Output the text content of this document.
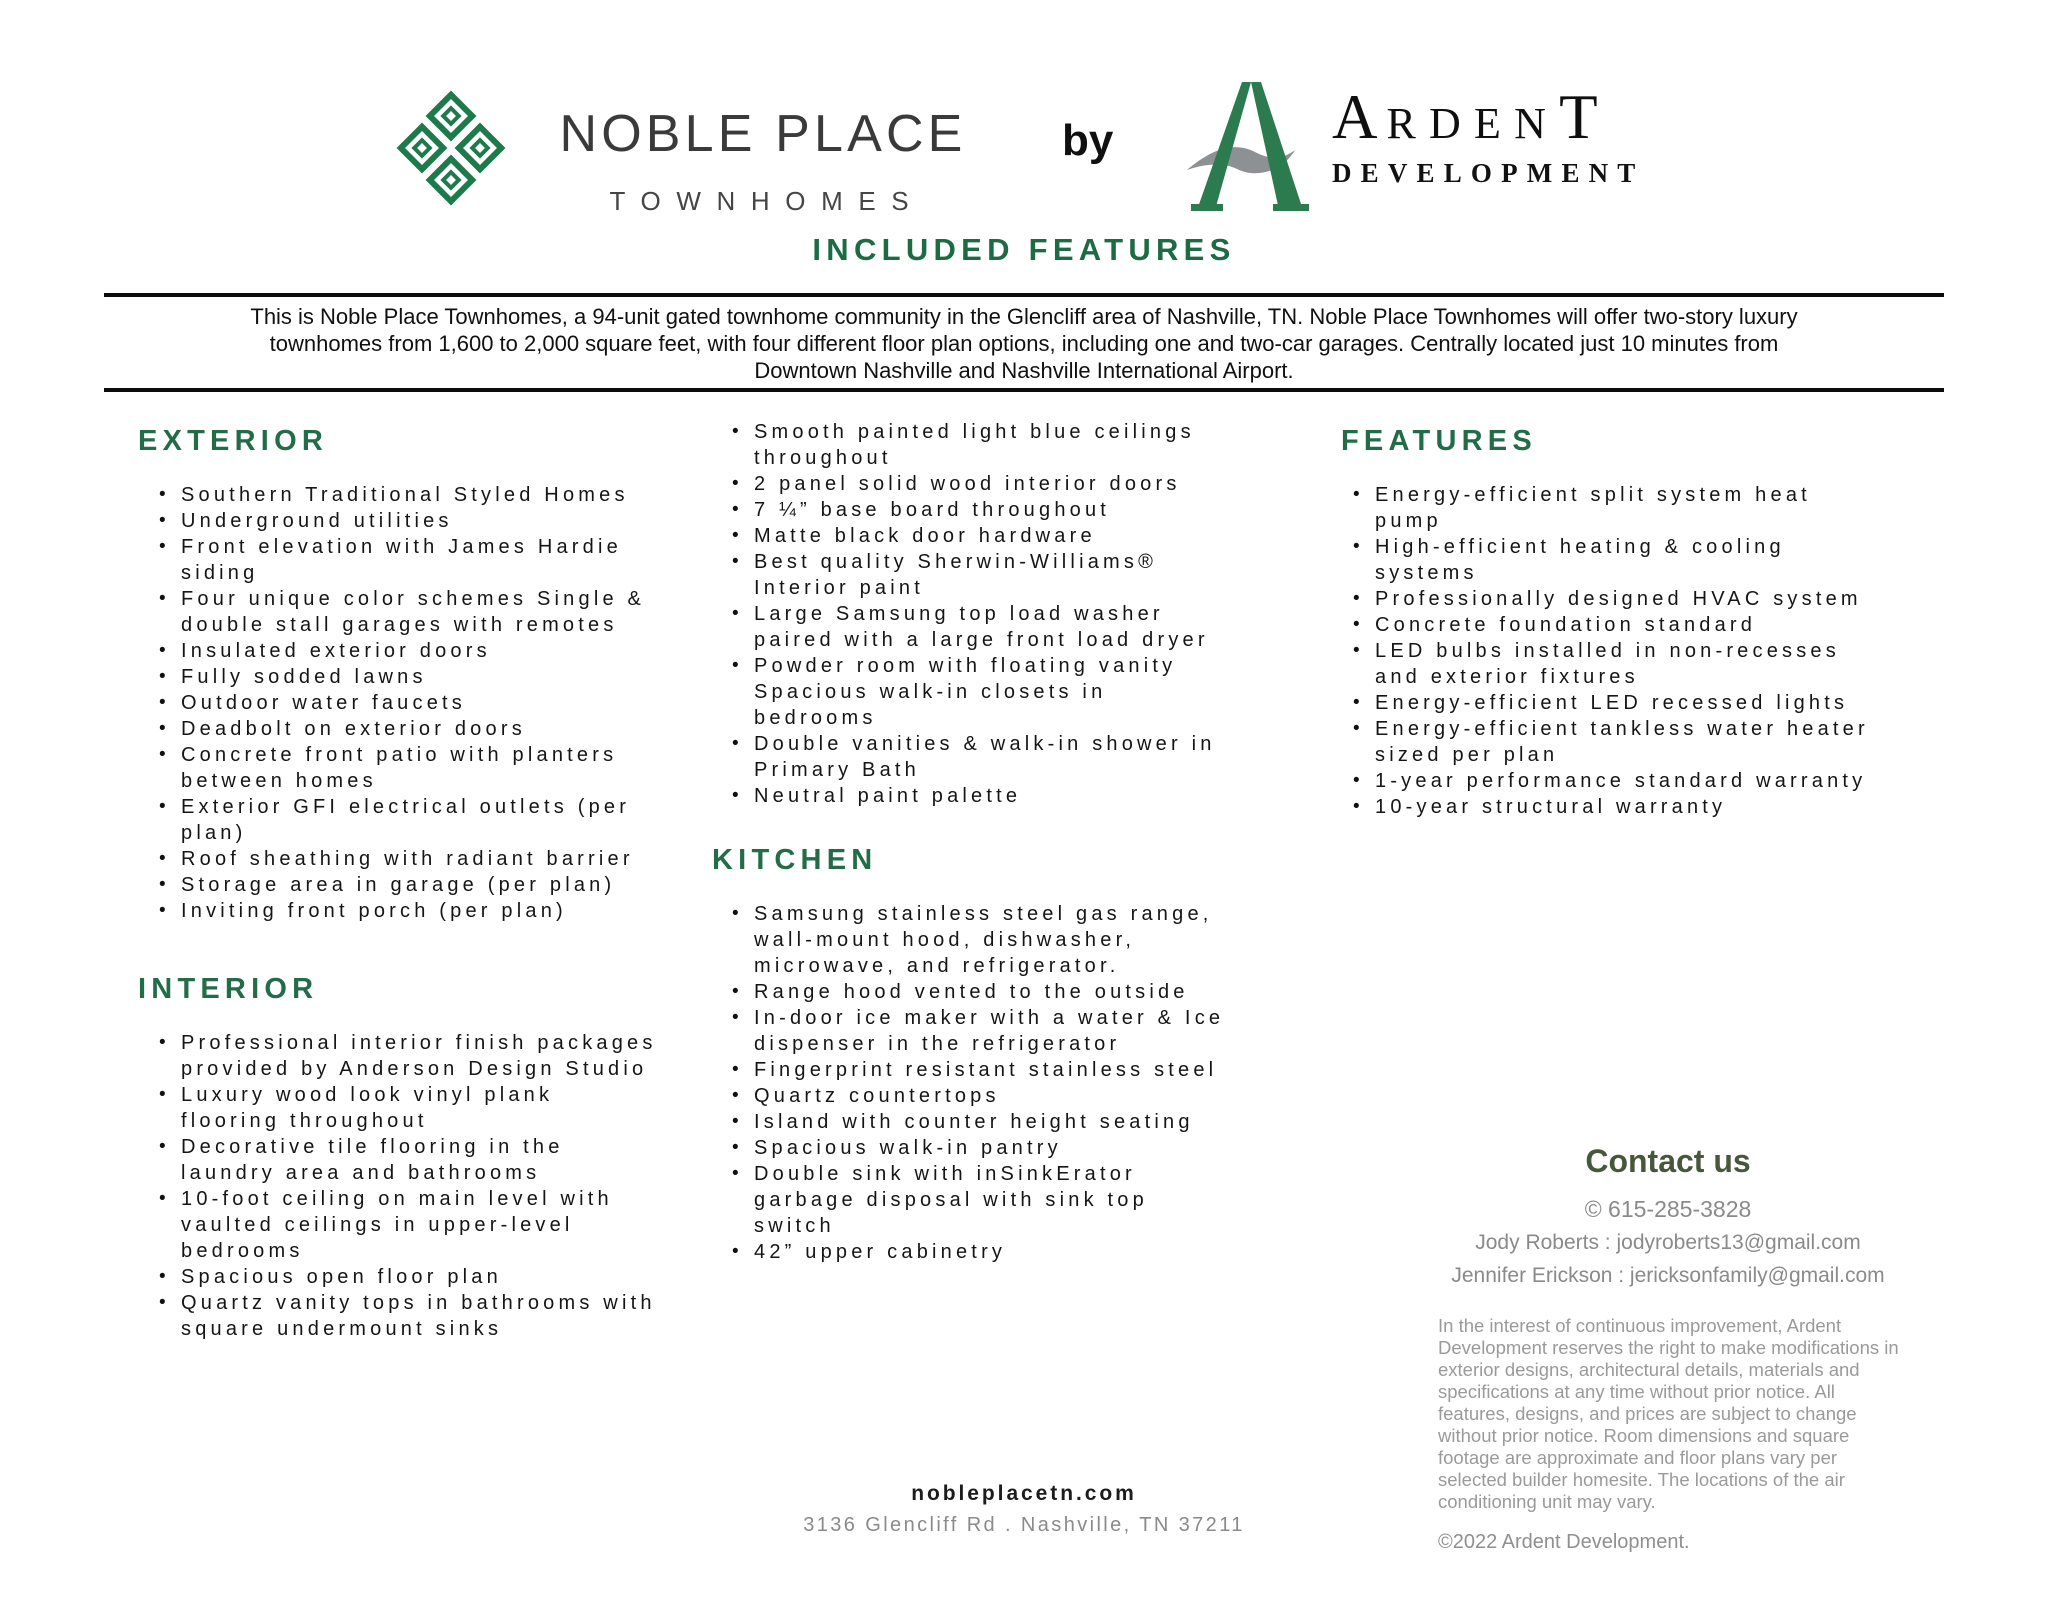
NOBLE PLACE
TOWNHOMES
by	A RDEN T
DEVELOPMENT
INCLUDED FEATURES
This is Noble Place Townhomes, a 94-unit gated townhome community in the Glencliff area of Nashville, TN. Noble Place Townhomes will offer two-story luxury townhomes from 1,600 to 2,000 square feet, with four different floor plan options, including one and two-car garages. Centrally located just 10 minutes from Downtown Nashville and Nashville International Airport.
EXTERIOR
• Southern Traditional Styled Homes
• Underground utilities
• Front elevation with James Hardie siding
• Four unique color schemes Single & double stall garages with remotes
• Insulated exterior doors
• Fully sodded lawns
• Outdoor water faucets
• Deadbolt on exterior doors
• Concrete front patio with planters between homes
• Exterior GFI electrical outlets (per plan)
• Roof sheathing with radiant barrier
• Storage area in garage (per plan)
• Inviting front porch (per plan)
INTERIOR
• Professional interior finish packages provided by Anderson Design Studio
• Luxury wood look vinyl plank flooring throughout
• Decorative tile flooring in the laundry area and bathrooms
• 10-foot ceiling on main level with vaulted ceilings in upper-level bedrooms
• Spacious open floor plan
• Quartz vanity tops in bathrooms with square undermount sinks
• Smooth painted light blue ceilings throughout
• 2 panel solid wood interior doors
• 7 ¼” base board throughout
• Matte black door hardware
• Best quality Sherwin-Williams® Interior paint
• Large Samsung top load washer paired with a large front load dryer
• Powder room with floating vanity Spacious walk-in closets in bedrooms
• Double vanities & walk-in shower in Primary Bath
• Neutral paint palette
KITCHEN
• Samsung stainless steel gas range, wall-mount hood, dishwasher, microwave, and refrigerator.
• Range hood vented to the outside
• In-door ice maker with a water & Ice dispenser in the refrigerator
• Fingerprint resistant stainless steel
• Quartz countertops
• Island with counter height seating
• Spacious walk-in pantry
• Double sink with inSinkErator garbage disposal with sink top switch
• 42” upper cabinetry
FEATURES
• Energy-efficient split system heat pump
• High-efficient heating & cooling systems
• Professionally designed HVAC system
• Concrete foundation standard
• LED bulbs installed in non-recesses and exterior fixtures
• Energy-efficient LED recessed lights
• Energy-efficient tankless water heater sized per plan
• 1-year performance standard warranty
• 10-year structural warranty
Contact us
© 615-285-3828
Jody Roberts : jodyroberts13@gmail.com
Jennifer Erickson : jericksonfamily@gmail.com
In the interest of continuous improvement, Ardent Development reserves the right to make modifications in exterior designs, architectural details, materials and specifications at any time without prior notice. All features, designs, and prices are subject to change without prior notice. Room dimensions and square footage are approximate and floor plans vary per selected builder homesite. The locations of the air conditioning unit may vary.
©2022 Ardent Development.
nobleplacetn.com
3136 Glencliff Rd . Nashville, TN 37211
